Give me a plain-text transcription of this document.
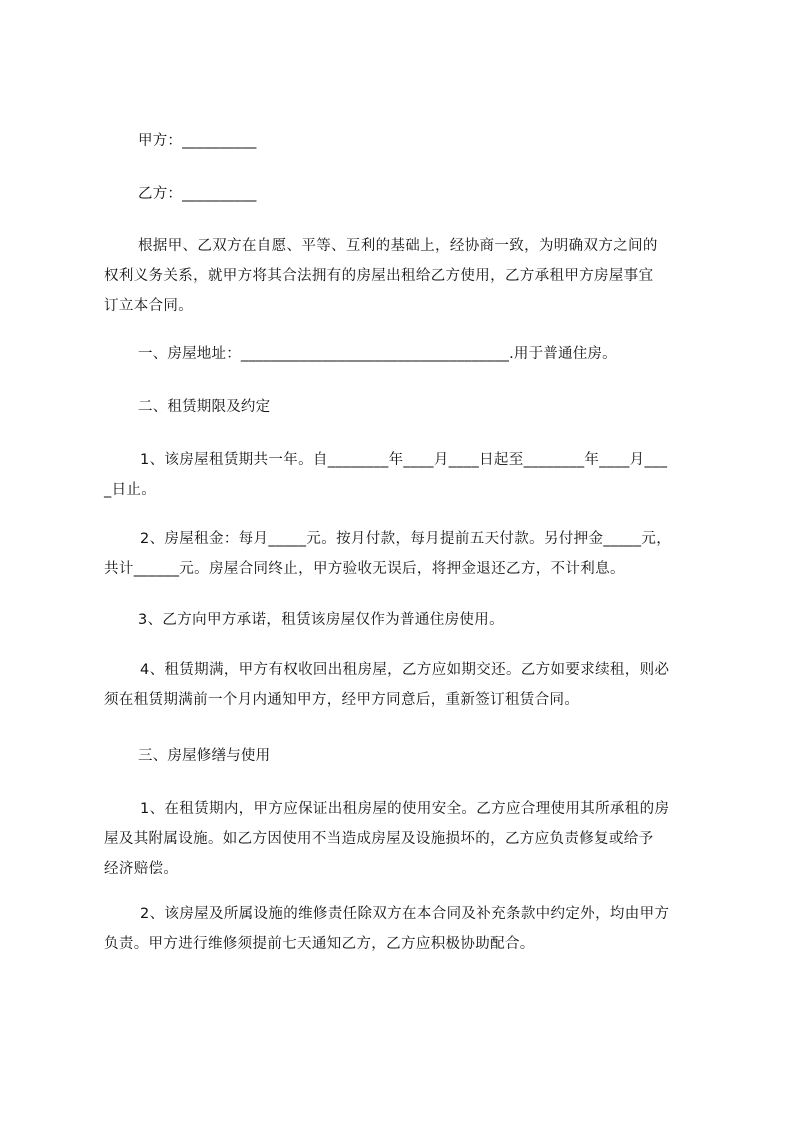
甲方：__________
乙方：__________
根据甲、乙双方在自愿、平等、互利的基础上，经协商一致，为明确双方之间的
权利义务关系，就甲方将其合法拥有的房屋出租给乙方使用，乙方承租甲方房屋事宜
订立本合同。
一、房屋地址：____________________________________.用于普通住房。
二、租赁期限及约定
1、该房屋租赁期共一年。自________年____月____日起至________年____月___
_日止。
2、房屋租金：每月_____元。按月付款，每月提前五天付款。另付押金_____元，
共计______元。房屋合同终止，甲方验收无误后，将押金退还乙方，不计利息。
3、乙方向甲方承诺，租赁该房屋仅作为普通住房使用。
4、租赁期满，甲方有权收回出租房屋，乙方应如期交还。乙方如要求续租，则必
须在租赁期满前一个月内通知甲方，经甲方同意后，重新签订租赁合同。
三、房屋修缮与使用
1、在租赁期内，甲方应保证出租房屋的使用安全。乙方应合理使用其所承租的房
屋及其附属设施。如乙方因使用不当造成房屋及设施损坏的，乙方应负责修复或给予
经济赔偿。
2、该房屋及所属设施的维修责任除双方在本合同及补充条款中约定外，均由甲方
负责。甲方进行维修须提前七天通知乙方，乙方应积极协助配合。
